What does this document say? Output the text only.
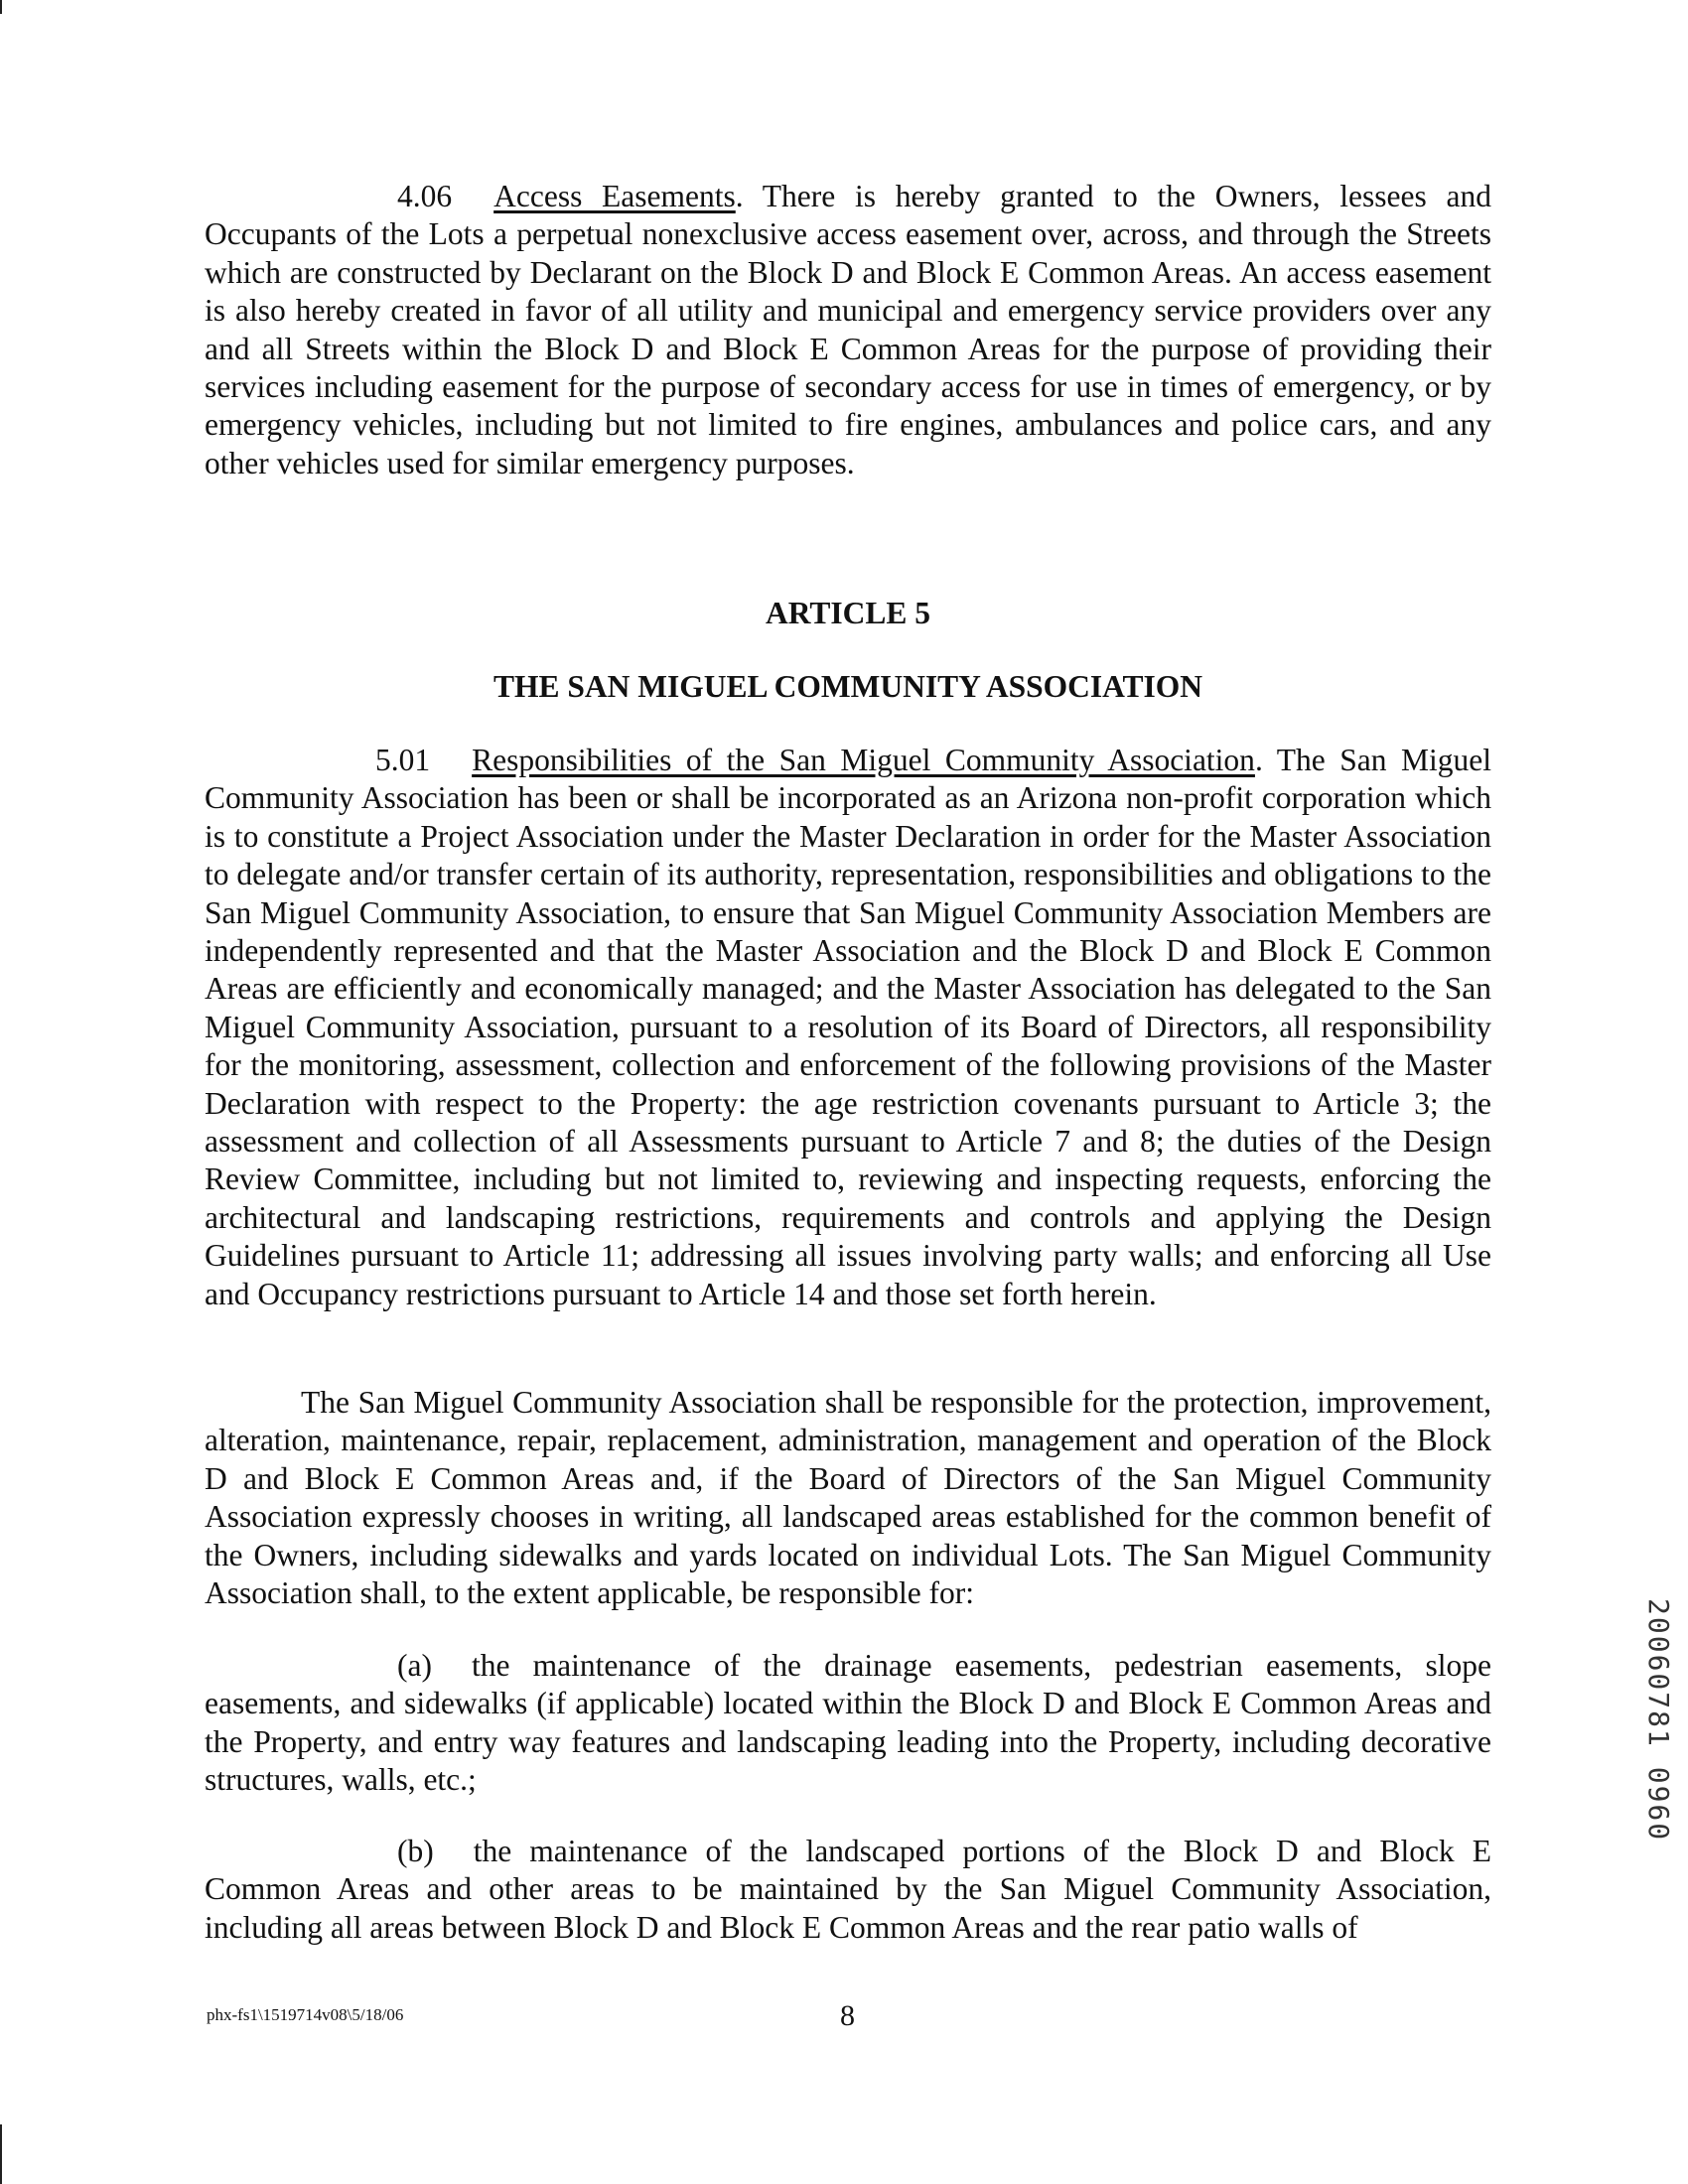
4.06 Access Easements. There is hereby granted to the Owners, lessees and Occupants of the Lots a perpetual nonexclusive access easement over, across, and through the Streets which are constructed by Declarant on the Block D and Block E Common Areas. An access easement is also hereby created in favor of all utility and municipal and emergency service providers over any and all Streets within the Block D and Block E Common Areas for the purpose of providing their services including easement for the purpose of secondary access for use in times of emergency, or by emergency vehicles, including but not limited to fire engines, ambulances and police cars, and any other vehicles used for similar emergency purposes.

ARTICLE 5

THE SAN MIGUEL COMMUNITY ASSOCIATION

5.01 Responsibilities of the San Miguel Community Association. The San Miguel Community Association has been or shall be incorporated as an Arizona non-profit corporation which is to constitute a Project Association under the Master Declaration in order for the Master Association to delegate and/or transfer certain of its authority, representation, responsibilities and obligations to the San Miguel Community Association, to ensure that San Miguel Community Association Members are independently represented and that the Master Association and the Block D and Block E Common Areas are efficiently and economically managed; and the Master Association has delegated to the San Miguel Community Association, pursuant to a resolution of its Board of Directors, all responsibility for the monitoring, assessment, collection and enforcement of the following provisions of the Master Declaration with respect to the Property: the age restriction covenants pursuant to Article 3; the assessment and collection of all Assessments pursuant to Article 7 and 8; the duties of the Design Review Committee, including but not limited to, reviewing and inspecting requests, enforcing the architectural and landscaping restrictions, requirements and controls and applying the Design Guidelines pursuant to Article 11; addressing all issues involving party walls; and enforcing all Use and Occupancy restrictions pursuant to Article 14 and those set forth herein.

The San Miguel Community Association shall be responsible for the protection, improvement, alteration, maintenance, repair, replacement, administration, management and operation of the Block D and Block E Common Areas and, if the Board of Directors of the San Miguel Community Association expressly chooses in writing, all landscaped areas established for the common benefit of the Owners, including sidewalks and yards located on individual Lots. The San Miguel Community Association shall, to the extent applicable, be responsible for:

(a) the maintenance of the drainage easements, pedestrian easements, slope easements, and sidewalks (if applicable) located within the Block D and Block E Common Areas and the Property, and entry way features and landscaping leading into the Property, including decorative structures, walls, etc.;

(b) the maintenance of the landscaped portions of the Block D and Block E Common Areas and other areas to be maintained by the San Miguel Community Association, including all areas between Block D and Block E Common Areas and the rear patio walls of

phx-fs1\1519714v08\5/18/06	8

20060781 0960
